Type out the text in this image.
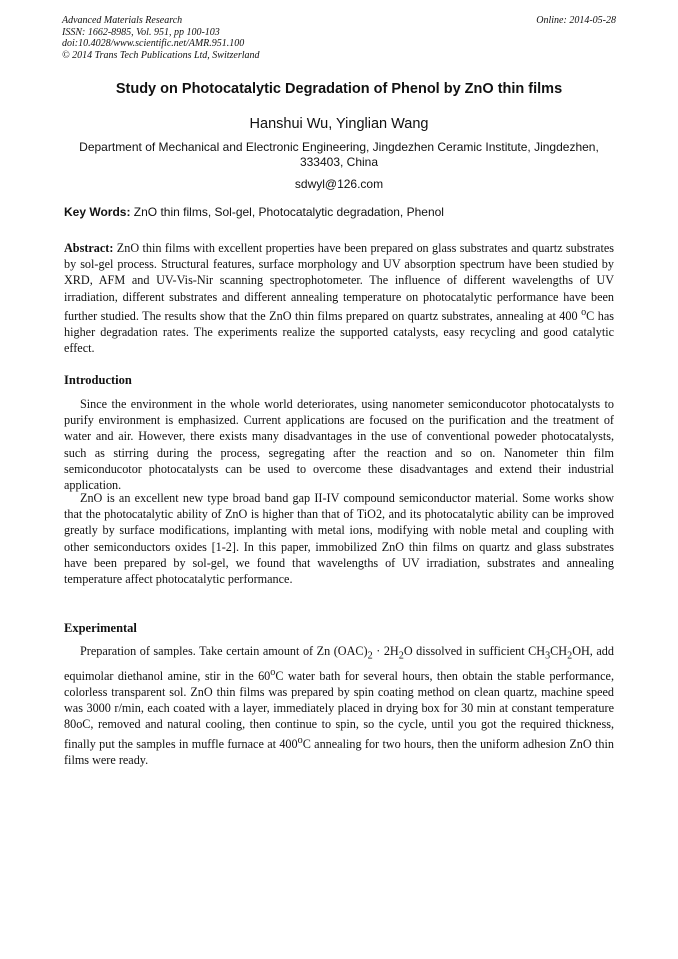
Advanced Materials Research
ISSN: 1662-8985, Vol. 951, pp 100-103
doi:10.4028/www.scientific.net/AMR.951.100
© 2014 Trans Tech Publications Ltd, Switzerland
Online: 2014-05-28
Study on Photocatalytic Degradation of Phenol by ZnO thin films
Hanshui Wu, Yinglian Wang
Department of Mechanical and Electronic Engineering, Jingdezhen Ceramic Institute, Jingdezhen, 333403, China
sdwyl@126.com
Key Words: ZnO thin films, Sol-gel, Photocatalytic degradation, Phenol
Abstract: ZnO thin films with excellent properties have been prepared on glass substrates and quartz substrates by sol-gel process. Structural features, surface morphology and UV absorption spectrum have been studied by XRD, AFM and UV-Vis-Nir scanning spectrophotometer. The influence of different wavelengths of UV irradiation, different substrates and different annealing temperature on photocatalytic performance have been further studied. The results show that the ZnO thin films prepared on quartz substrates, annealing at 400 $^o$C has higher degradation rates. The experiments realize the supported catalysts, easy recycling and good catalytic effect.
Introduction
Since the environment in the whole world deteriorates, using nanometer semiconducotor photocatalysts to purify environment is emphasized. Current applications are focused on the purification and the treatment of water and air. However, there exists many disadvantages in the use of conventional poweder photocatalysts, such as stirring during the process, segregating after the reaction and so on. Nanometer thin film semiconducotor photocatalysts can be used to overcome these disadvantages and extend their industrial application.
ZnO is an excellent new type broad band gap II-IV compound semiconductor material. Some works show that the photocatalytic ability of ZnO is higher than that of TiO2, and its photocatalytic ability can be improved greatly by surface modifications, implanting with metal ions, modifying with noble metal and coupling with other semiconductors oxides [1-2]. In this paper, immobilized ZnO thin films on quartz and glass substrates have been prepared by sol-gel, we found that wavelengths of UV irradiation, substrates and annealing temperature affect photocatalytic performance.
Experimental
Preparation of samples. Take certain amount of Zn $(OAC)_2 \cdot 2H_2O$ dissolved in sufficient $CH_3CH_2OH$, add equimolar diethanol amine, stir in the 60$^o$C water bath for several hours, then obtain the stable performance, colorless transparent sol. ZnO thin films was prepared by spin coating method on clean quartz, machine speed was 3000 r/min, each coated with a layer, immediately placed in drying box for 30 min at constant temperature 80oC, removed and natural cooling, then continue to spin, so the cycle, until you got the required thickness, finally put the samples in muffle furnace at 400$^o$C annealing for two hours, then the uniform adhesion ZnO thin films were ready.
